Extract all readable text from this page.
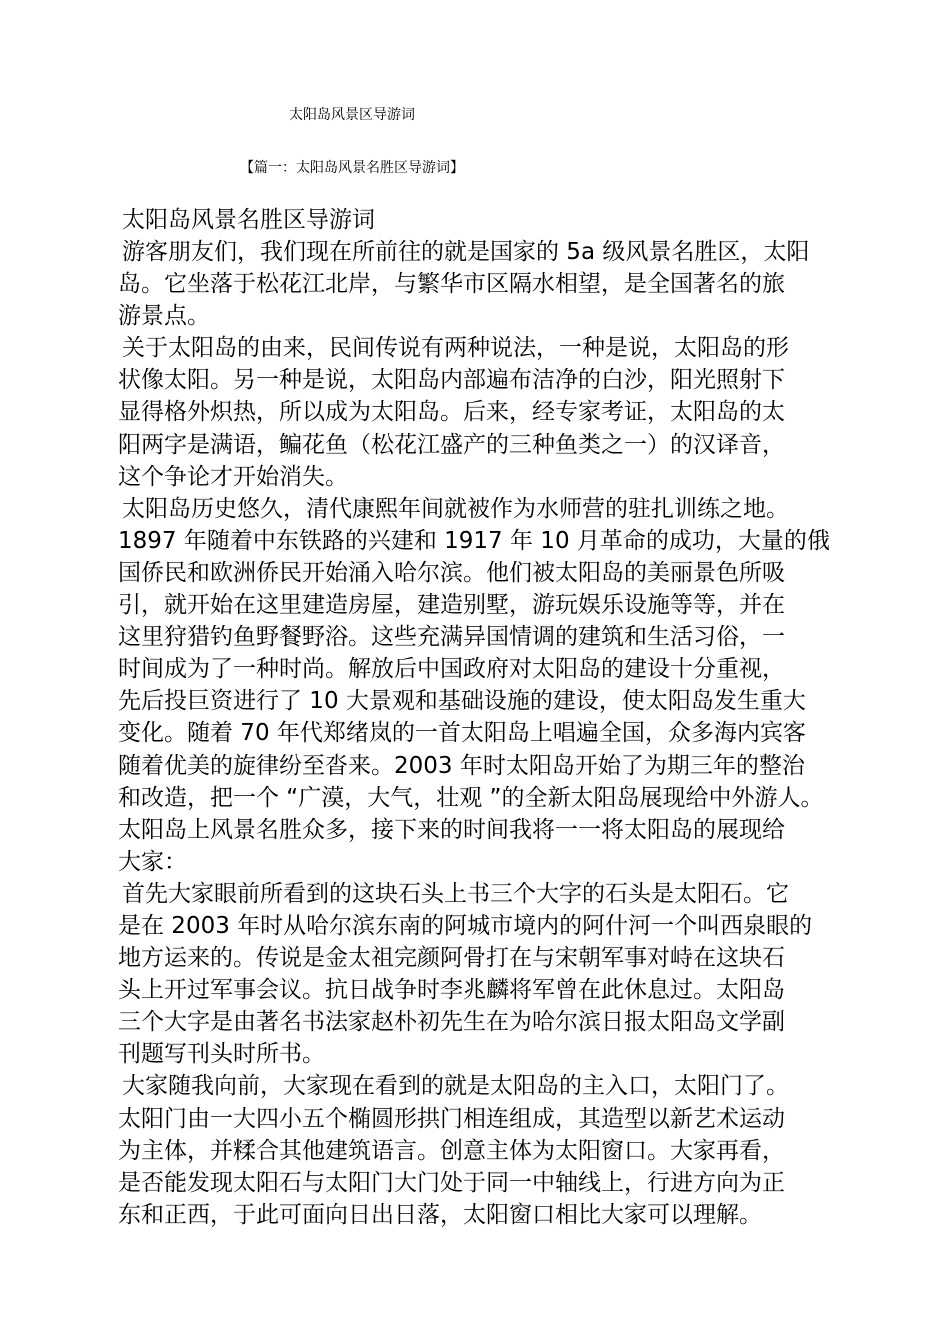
太阳岛风景区导游词
【篇一：太阳岛风景名胜区导游词】
太阳岛风景名胜区导游词
游客朋友们，我们现在所前往的就是国家的 5a 级风景名胜区，太阳
岛。它坐落于松花江北岸，与繁华市区隔水相望，是全国著名的旅
游景点。
关于太阳岛的由来，民间传说有两种说法，一种是说，太阳岛的形
状像太阳。另一种是说，太阳岛内部遍布洁净的白沙，阳光照射下
显得格外炽热，所以成为太阳岛。后来，经专家考证，太阳岛的太
阳两字是满语，鳊花鱼（松花江盛产的三种鱼类之一）的汉译音，
这个争论才开始消失。
太阳岛历史悠久，清代康熙年间就被作为水师营的驻扎训练之地。
1897 年随着中东铁路的兴建和 1917 年 10 月革命的成功，大量的俄
国侨民和欧洲侨民开始涌入哈尔滨。他们被太阳岛的美丽景色所吸
引，就开始在这里建造房屋，建造别墅，游玩娱乐设施等等，并在
这里狩猎钓鱼野餐野浴。这些充满异国情调的建筑和生活习俗，一
时间成为了一种时尚。解放后中国政府对太阳岛的建设十分重视，
先后投巨资进行了 10 大景观和基础设施的建设，使太阳岛发生重大
变化。随着 70 年代郑绪岚的一首太阳岛上唱遍全国，众多海内宾客
随着优美的旋律纷至沓来。2003 年时太阳岛开始了为期三年的整治
和改造，把一个 “广漠，大气，壮观 ”的全新太阳岛展现给中外游人。
太阳岛上风景名胜众多，接下来的时间我将一一将太阳岛的展现给
大家：
首先大家眼前所看到的这块石头上书三个大字的石头是太阳石。它
是在 2003 年时从哈尔滨东南的阿城市境内的阿什河一个叫西泉眼的
地方运来的。传说是金太祖完颜阿骨打在与宋朝军事对峙在这块石
头上开过军事会议。抗日战争时李兆麟将军曾在此休息过。太阳岛
三个大字是由著名书法家赵朴初先生在为哈尔滨日报太阳岛文学副
刊题写刊头时所书。
大家随我向前，大家现在看到的就是太阳岛的主入口，太阳门了。
太阳门由一大四小五个椭圆形拱门相连组成，其造型以新艺术运动
为主体，并糅合其他建筑语言。创意主体为太阳窗口。大家再看，
是否能发现太阳石与太阳门大门处于同一中轴线上，行进方向为正
东和正西，于此可面向日出日落，太阳窗口相比大家可以理解。
